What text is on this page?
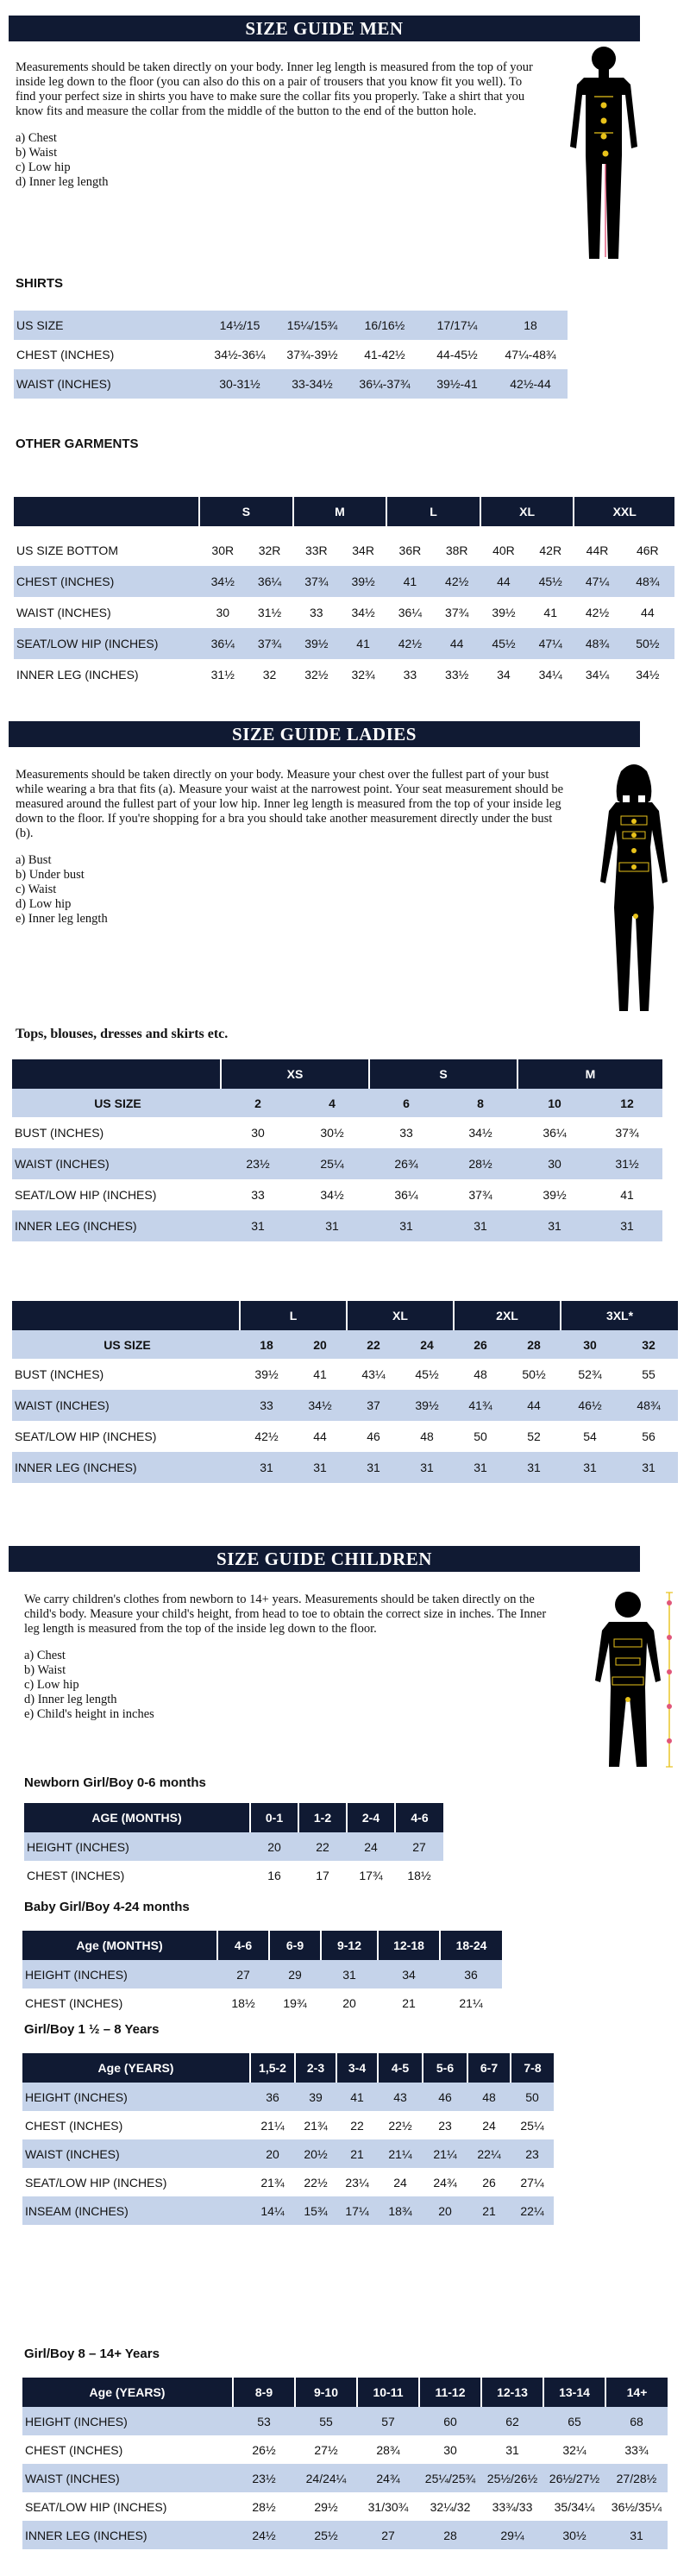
SIZE GUIDE MEN

Measurements should be taken directly on your body. Inner leg length is measured from the top of your inside leg down to the floor (you can also do this on a pair of trousers that you know fit you well). To find your perfect size in shirts you have to make sure the collar fits you properly. Take a shirt that you know fits and measure the collar from the middle of the button to the end of the button hole.

a) Chest
b) Waist
c) Low hip
d) Inner leg length
SHIRTS
US SIZE	14½/15	15¼/15¾	16/16½	17/17¼	18
CHEST (INCHES)	34½-36¼	37¾-39½	41-42½	44-45½	47¼-48¾
WAIST (INCHES)	30-31½	33-34½	36¼-37¾	39½-41	42½-44
OTHER GARMENTS
	S		M		L		XL		XXL	

US SIZE BOTTOM	30R	32R	33R	34R	36R	38R	40R	42R	44R	46R
CHEST (INCHES)	34½	36¼	37¾	39½	41	42½	44	45½	47¼	48¾
WAIST (INCHES)	30	31½	33	34½	36¼	37¾	39½	41	42½	44
SEAT/LOW HIP (INCHES)	36¼	37¾	39½	41	42½	44	45½	47¼	48¾	50½
INNER LEG (INCHES)	31½	32	32½	32¾	33	33½	34	34¼	34¼	34½
SIZE GUIDE LADIES

Measurements should be taken directly on your body. Measure your chest over the fullest part of your bust while wearing a bra that fits (a). Measure your waist at the narrowest point. Your seat measurement should be measured around the fullest part of your low hip. Inner leg length is measured from the top of your inside leg down to the floor. If you're shopping for a bra you should take another measurement directly under the bust (b).

a) Bust
b) Under bust
c) Waist
d) Low hip
e) Inner leg length
Tops, blouses, dresses and skirts etc.
	XS		S		M	
US SIZE	2	4	6	8	10	12
BUST (INCHES)	30	30½	33	34½	36¼	37¾
WAIST (INCHES)	23½	25¼	26¾	28½	30	31½
SEAT/LOW HIP (INCHES)	33	34½	36¼	37¾	39½	41
INNER LEG (INCHES)	31	31	31	31	31	31
	L		XL		2XL		3XL*	
US SIZE	18	20	22	24	26	28	30	32
BUST (INCHES)	39½	41	43¼	45½	48	50½	52¾	55
WAIST (INCHES)	33	34½	37	39½	41¾	44	46½	48¾
SEAT/LOW HIP (INCHES)	42½	44	46	48	50	52	54	56
INNER LEG (INCHES)	31	31	31	31	31	31	31	31
SIZE GUIDE CHILDREN

We carry children's clothes from newborn to 14+ years. Measurements should be taken directly on the child's body. Measure your child's height, from head to toe to obtain the correct size in inches. The Inner leg length is measured from the top of the inside leg down to the floor.

a) Chest
b) Waist
c) Low hip
d) Inner leg length
e) Child's height in inches
Newborn Girl/Boy 0-6 months
AGE (MONTHS)	0-1	1-2	2-4	4-6
HEIGHT (INCHES)	20	22	24	27
CHEST (INCHES)	16	17	17¾	18½
Baby Girl/Boy 4-24 months
Age (MONTHS)	4-6	6-9	9-12	12-18	18-24
HEIGHT (INCHES)	27	29	31	34	36
CHEST (INCHES)	18½	19¾	20	21	21¼
Girl/Boy 1 ½ – 8 Years
Age (YEARS)	1,5-2	2-3	3-4	4-5	5-6	6-7	7-8
HEIGHT (INCHES)	36	39	41	43	46	48	50
CHEST (INCHES)	21¼	21¾	22	22½	23	24	25¼
WAIST (INCHES)	20	20½	21	21¼	21¼	22¼	23
SEAT/LOW HIP (INCHES)	21¾	22½	23¼	24	24¾	26	27¼
INSEAM (INCHES)	14¼	15¾	17¼	18¾	20	21	22¼
Girl/Boy 8 – 14+ Years
Age (YEARS)	8-9	9-10	10-11	11-12	12-13	13-14	14+
HEIGHT (INCHES)	53	55	57	60	62	65	68
CHEST (INCHES)	26½	27½	28¾	30	31	32¼	33¾
WAIST (INCHES)	23½	24/24¼	24¾	25¼/25¾	25½/26½	26½/27½	27/28½
SEAT/LOW HIP (INCHES)	28½	29½	31/30¾	32¼/32	33¾/33	35/34¼	36½/35¼
INNER LEG (INCHES)	24½	25½	27	28	29¼	30½	31
